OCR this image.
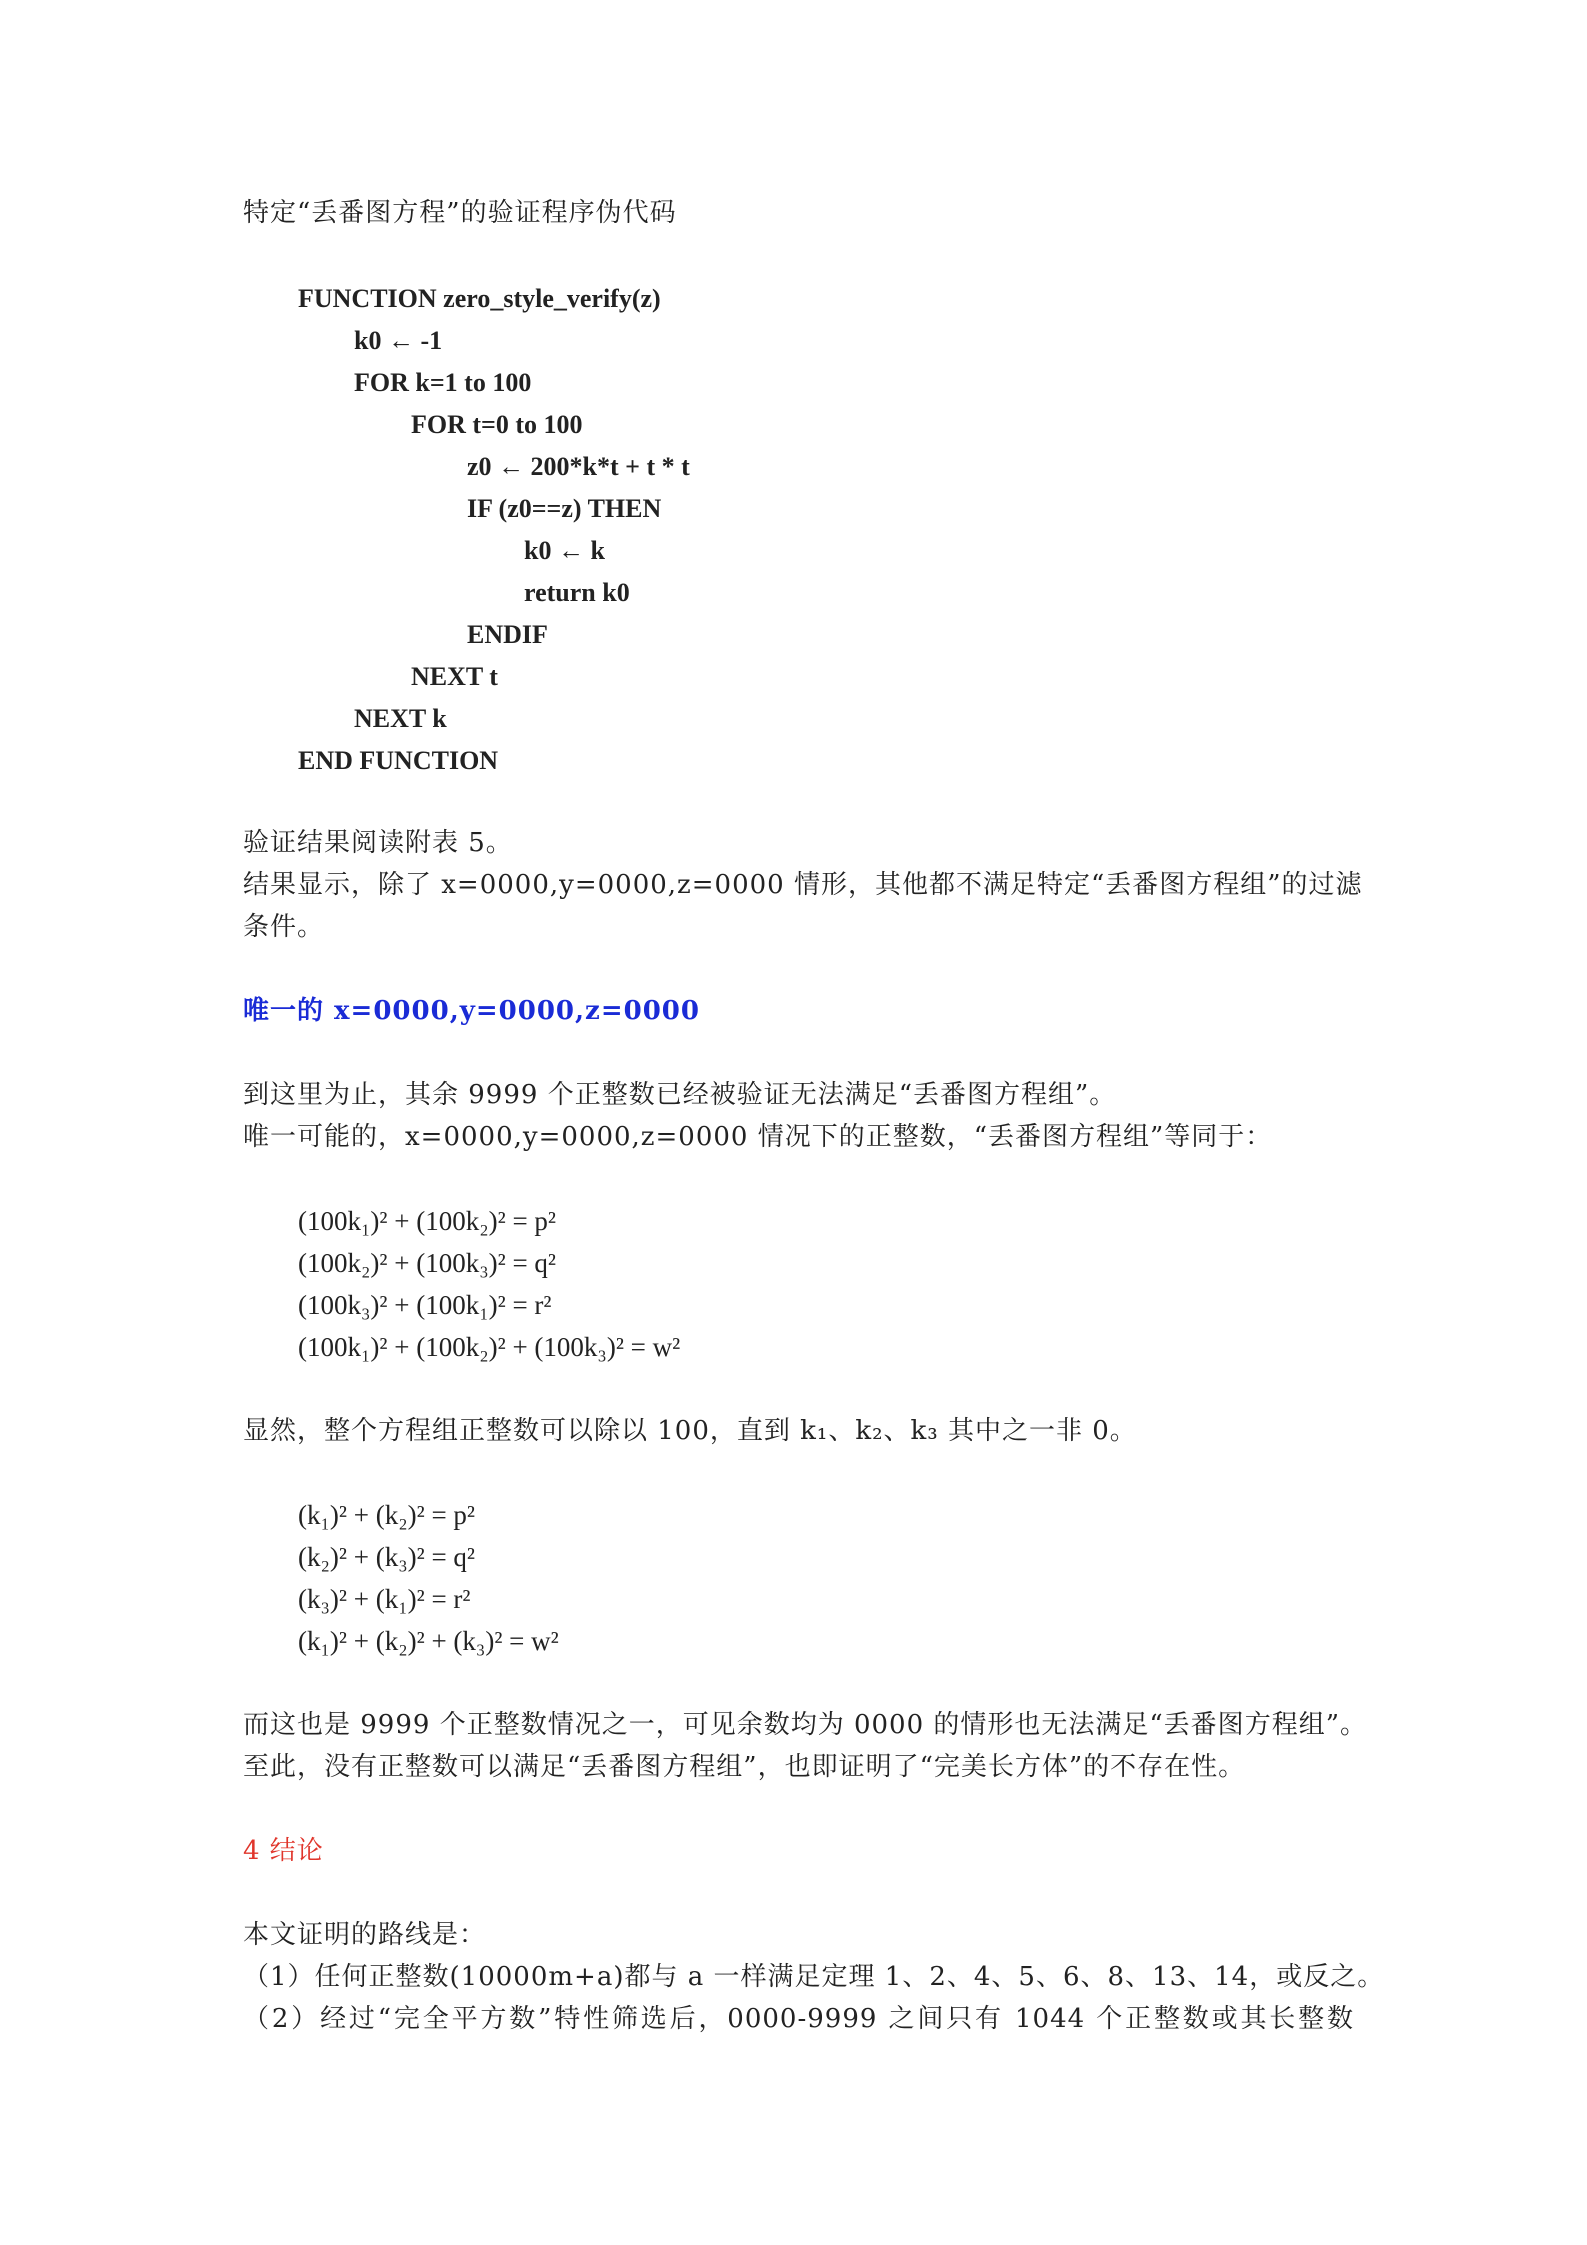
特定“丢番图方程”的验证程序伪代码
FUNCTION zero_style_verify(z)
k0 ← -1
FOR k=1 to 100
FOR t=0 to 100
z0 ← 200*k*t + t * t
IF (z0==z) THEN
k0 ← k
return k0
ENDIF
NEXT t
NEXT k
END FUNCTION
验证结果阅读附表 5。
结果显示，除了 x=0000,y=0000,z=0000 情形，其他都不满足特定“丢番图方程组”的过滤
条件。
唯一的 x=0000,y=0000,z=0000
到这里为止，其余 9999 个正整数已经被验证无法满足“丢番图方程组”。
唯一可能的，x=0000,y=0000,z=0000 情况下的正整数，“丢番图方程组”等同于：
(100k₁)² + (100k₂)² = p²
(100k₂)² + (100k₃)² = q²
(100k₃)² + (100k₁)² = r²
(100k₁)² + (100k₂)² + (100k₃)² = w²
显然，整个方程组正整数可以除以 100，直到 k₁、k₂、k₃ 其中之一非 0。
(k₁)² + (k₂)² = p²
(k₂)² + (k₃)² = q²
(k₃)² + (k₁)² = r²
(k₁)² + (k₂)² + (k₃)² = w²
而这也是 9999 个正整数情况之一，可见余数均为 0000 的情形也无法满足“丢番图方程组”。
至此，没有正整数可以满足“丢番图方程组”，也即证明了“完美长方体”的不存在性。
4 结论
本文证明的路线是：
（1）任何正整数(10000m+a)都与 a 一样满足定理 1、2、4、5、6、8、13、14，或反之。
（2）经过“完全平方数”特性筛选后，0000-9999 之间只有 1044 个正整数或其长整数
